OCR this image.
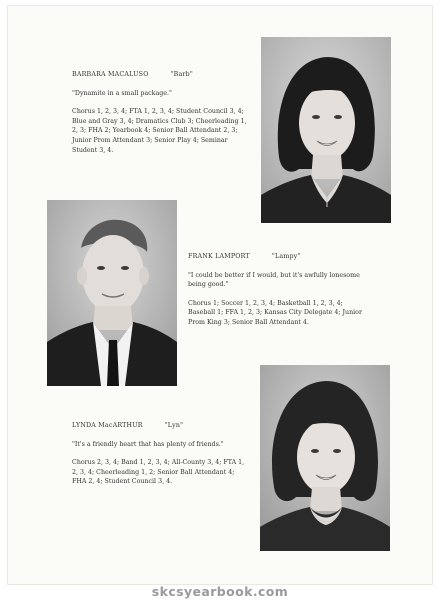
BARBARA MACALUSO	"Barb"
"Dynamite in a small package."
Chorus 1, 2, 3, 4; FTA 1, 2, 3, 4; Student Council 3, 4; Blue and Gray 3, 4; Dramatics Club 3; Cheerleading 1, 2, 3; FHA 2; Yearbook 4; Senior Ball Attendant 2, 3; Junior Prom Attendant 3; Senior Play 4; Seminar Student 3, 4.
FRANK LAMPORT	"Lampy"
"I could be better if I would, but it's awfully lonesome being good."
Chorus 1; Soccer 1, 2, 3, 4; Basketball 1, 2, 3, 4; Baseball 1; FFA 1, 2, 3; Kansas City Delegate 4; Junior Prom King 3; Senior Ball Attendant 4.
LYNDA MacARTHUR	"Lyn"
"It's a friendly heart that has plenty of friends."
Chorus 2, 3, 4; Band 1, 2, 3, 4; All-County 3, 4; FTA 1, 2, 3, 4; Cheerleading 1, 2; Senior Ball Attendant 4; FHA 2, 4; Student Council 3, 4.
skcsyearbook.com
